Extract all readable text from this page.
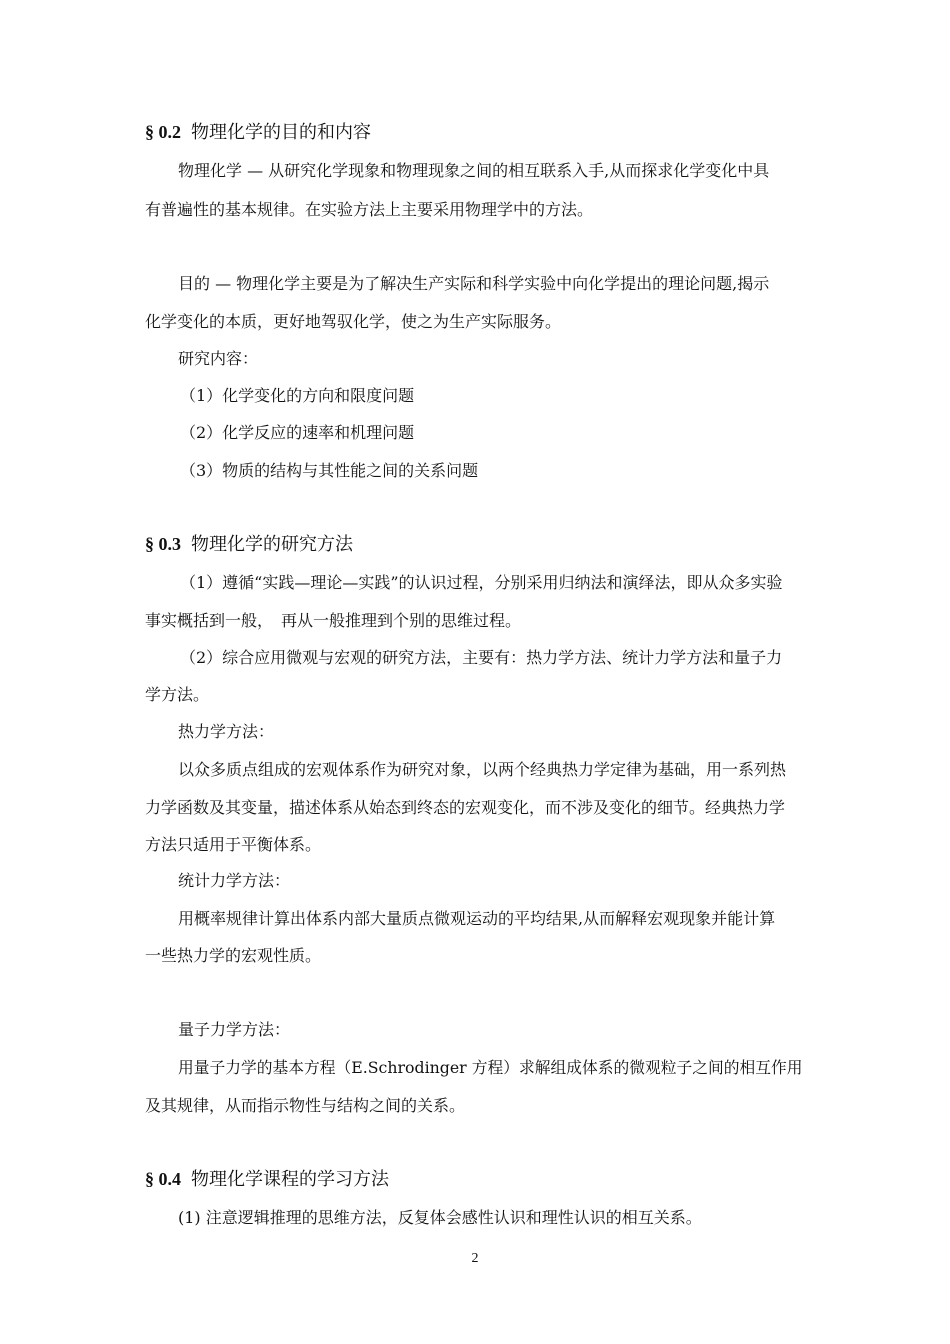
§ 0.2 物理化学的目的和内容
物理化学 — 从研究化学现象和物理现象之间的相互联系入手,从而探求化学变化中具
有普遍性的基本规律。在实验方法上主要采用物理学中的方法。
目的 — 物理化学主要是为了解决生产实际和科学实验中向化学提出的理论问题,揭示
化学变化的本质，更好地驾驭化学，使之为生产实际服务。
研究内容：
（1）化学变化的方向和限度问题
（2）化学反应的速率和机理问题
（3）物质的结构与其性能之间的关系问题
§ 0.3 物理化学的研究方法
（1）遵循“实践—理论—实践”的认识过程，分别采用归纳法和演绎法，即从众多实验
事实概括到一般，　再从一般推理到个别的思维过程。
（2）综合应用微观与宏观的研究方法，主要有：热力学方法、统计力学方法和量子力
学方法。
热力学方法：
以众多质点组成的宏观体系作为研究对象，以两个经典热力学定律为基础，用一系列热
力学函数及其变量，描述体系从始态到终态的宏观变化，而不涉及变化的细节。经典热力学
方法只适用于平衡体系。
统计力学方法：
用概率规律计算出体系内部大量质点微观运动的平均结果,从而解释宏观现象并能计算
一些热力学的宏观性质。
量子力学方法：
用量子力学的基本方程（E.Schrodinger 方程）求解组成体系的微观粒子之间的相互作用
及其规律，从而指示物性与结构之间的关系。
§ 0.4 物理化学课程的学习方法
(1) 注意逻辑推理的思维方法，反复体会感性认识和理性认识的相互关系。
2
